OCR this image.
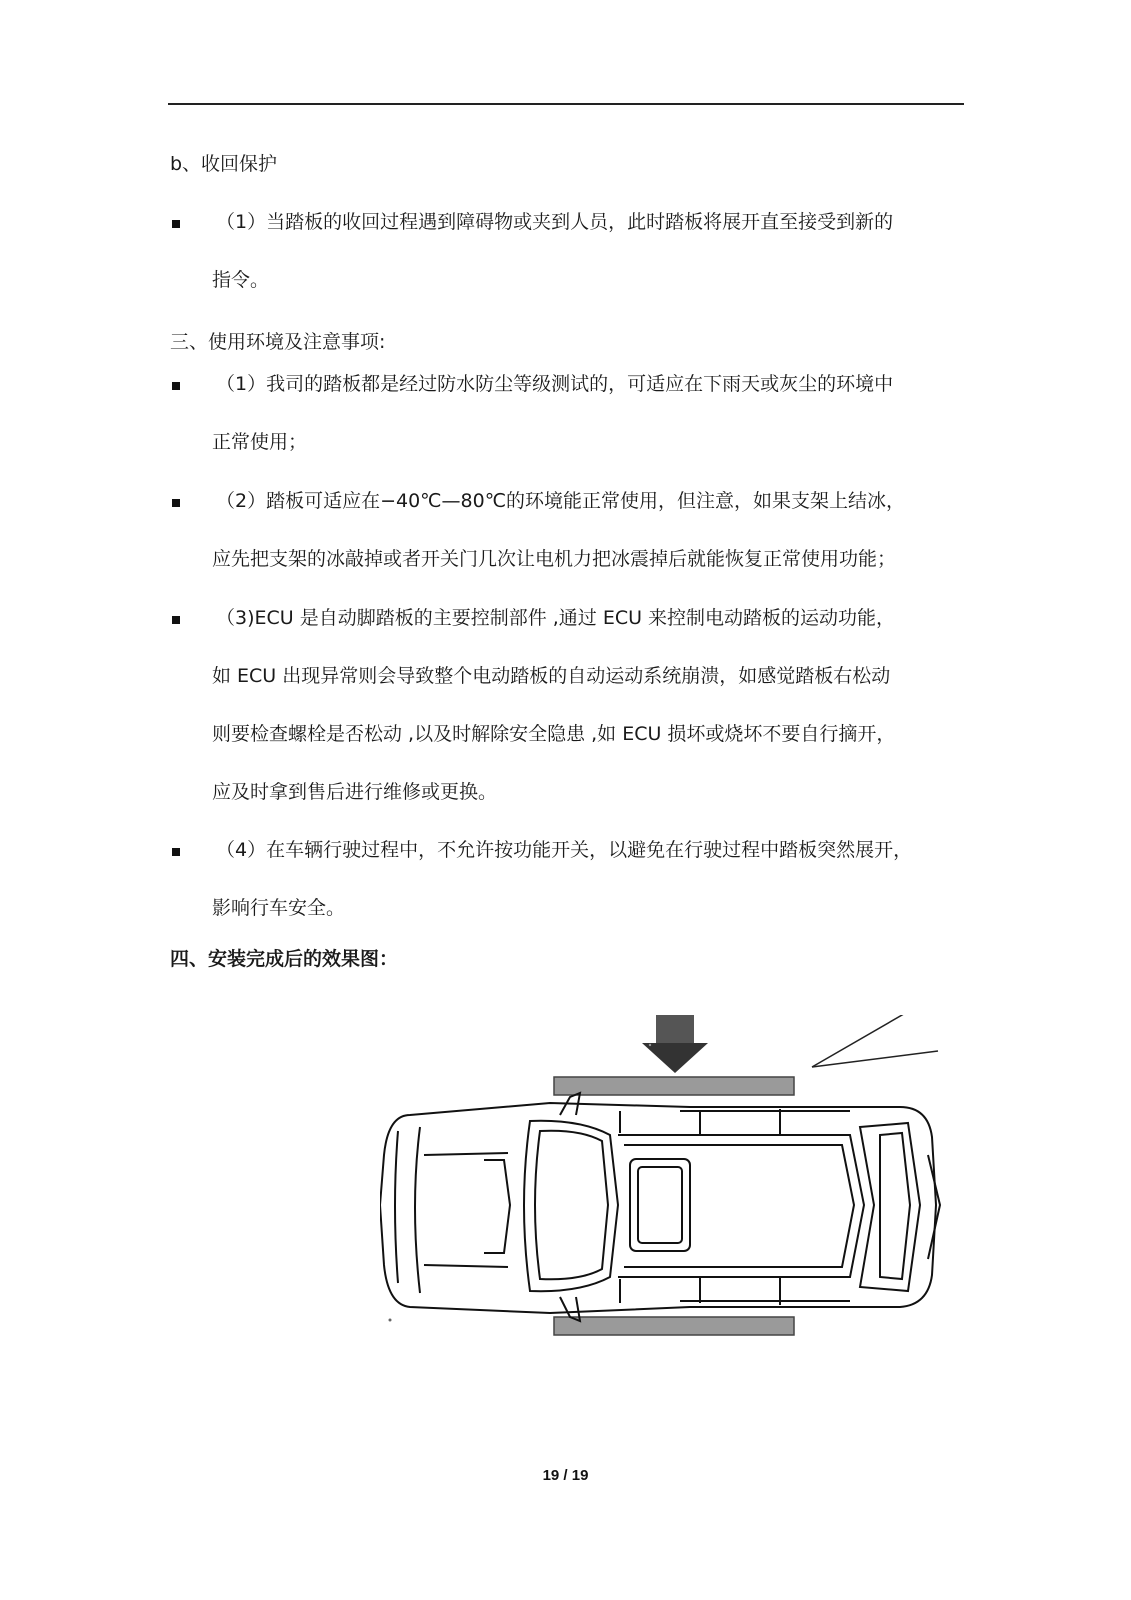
b、收回保护
（1）当踏板的收回过程遇到障碍物或夹到人员，此时踏板将展开直至接受到新的
指令。
三、使用环境及注意事项:
（1）我司的踏板都是经过防水防尘等级测试的，可适应在下雨天或灰尘的环境中
正常使用；
（2）踏板可适应在−40℃—80℃的环境能正常使用，但注意，如果支架上结冰，
应先把支架的冰敲掉或者开关门几次让电机力把冰震掉后就能恢复正常使用功能；
（3)ECU 是自动脚踏板的主要控制部件 ,通过 ECU 来控制电动踏板的运动功能，
如 ECU 出现异常则会导致整个电动踏板的自动运动系统崩溃，如感觉踏板右松动
则要检查螺栓是否松动 ,以及时解除安全隐患 ,如 ECU 损坏或烧坏不要自行摘开，
应及时拿到售后进行维修或更换。
（4）在车辆行驶过程中，不允许按功能开关，以避免在行驶过程中踏板突然展开，
影响行车安全。
四、安装完成后的效果图：
19 / 19
